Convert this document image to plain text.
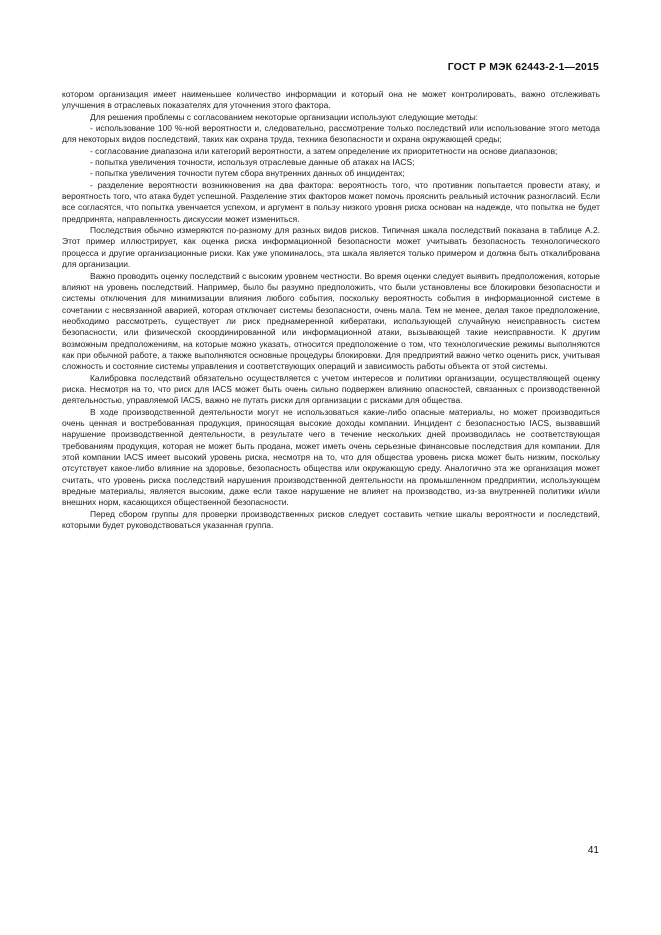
ГОСТ Р МЭК 62443-2-1—2015

котором организация имеет наименьшее количество информации и который она не может контролировать, важно отслеживать улучшения в отраслевых показателях для уточнения этого фактора.

Для решения проблемы с согласованием некоторые организации используют следующие методы:

- использование 100 %-ной вероятности и, следовательно, рассмотрение только последствий или использование этого метода для некоторых видов последствий, таких как охрана труда, техника безопасности и охрана окружающей среды;

- согласование диапазона или категорий вероятности, а затем определение их приоритетности на основе диапазонов;

- попытка увеличения точности, используя отраслевые данные об атаках на IACS;

- попытка увеличения точности путем сбора внутренних данных об инцидентах;

- разделение вероятности возникновения на два фактора: вероятность того, что противник попытается провести атаку, и вероятность того, что атака будет успешной. Разделение этих факторов может помочь прояснить реальный источник разногласий. Если все согласятся, что попытка увенчается успехом, и аргумент в пользу низкого уровня риска основан на надежде, что попытка не будет предпринята, направленность дискуссии может измениться.

Последствия обычно измеряются по-разному для разных видов рисков. Типичная шкала последствий показана в таблице А.2. Этот пример иллюстрирует, как оценка риска информационной безопасности может учитывать безопасность технологического процесса и другие организационные риски. Как уже упоминалось, эта шкала является только примером и должна быть откалиброванa для организации.

Важно проводить оценку последствий с высоким уровнем честности. Во время оценки следует выявить предположения, которые влияют на уровень последствий. Например, было бы разумно предположить, что были установлены все блокировки безопасности и системы отключения для минимизации влияния любого события, поскольку вероятность события в информационной системе в сочетании с несвязанной аварией, которая отключает системы безопасности, очень мала. Тем не менее, делая такое предположение, необходимо рассмотреть, существует ли риск преднамеренной кибератаки, использующей случайную неисправность систем безопасности, или физической скоординированной или информационной атаки, вызывающей такие неисправности. К другим возможным предположениям, на которые можно указать, относится предположение о том, что технологические режимы выполняются как при обычной работе, а также выполняются основные процедуры блокировки. Для предприятий важно четко оценить риск, учитывая сложность и состояние системы управления и соответствующих операций и зависимость работы объекта от этой системы.

Калибровка последствий обязательно осуществляется с учетом интересов и политики организации, осуществляющей оценку риска. Несмотря на то, что риск для IACS может быть очень сильно подвержен влиянию опасностей, связанных с производственной деятельностью, управляемой IACS, важно не путать риски для организации с рисками для общества.

В ходе производственной деятельности могут не использоваться какие-либо опасные материалы, но может производиться очень ценная и востребованная продукция, приносящая высокие доходы компании. Инцидент с безопасностью IACS, вызвавший нарушение производственной деятельности, в результате чего в течение нескольких дней производилась не соответствующая требованиям продукция, которая не может быть продана, может иметь очень серьезные финансовые последствия для компании. Для этой компании IACS имеет высокий уровень риска, несмотря на то, что для общества уровень риска может быть низким, поскольку отсутствует какое-либо влияние на здоровье, безопасность общества или окружающую среду. Аналогично эта же организация может считать, что уровень риска последствий нарушения производственной деятельности на промышленном предприятии, использующем вредные материалы, является высоким, даже если такое нарушение не влияет на производство, из-за внутренней политики и/или внешних норм, касающихся общественной безопасности.

Перед сбором группы для проверки производственных рисков следует составить четкие шкалы вероятности и последствий, которыми будет руководствоваться указанная группа.

41
